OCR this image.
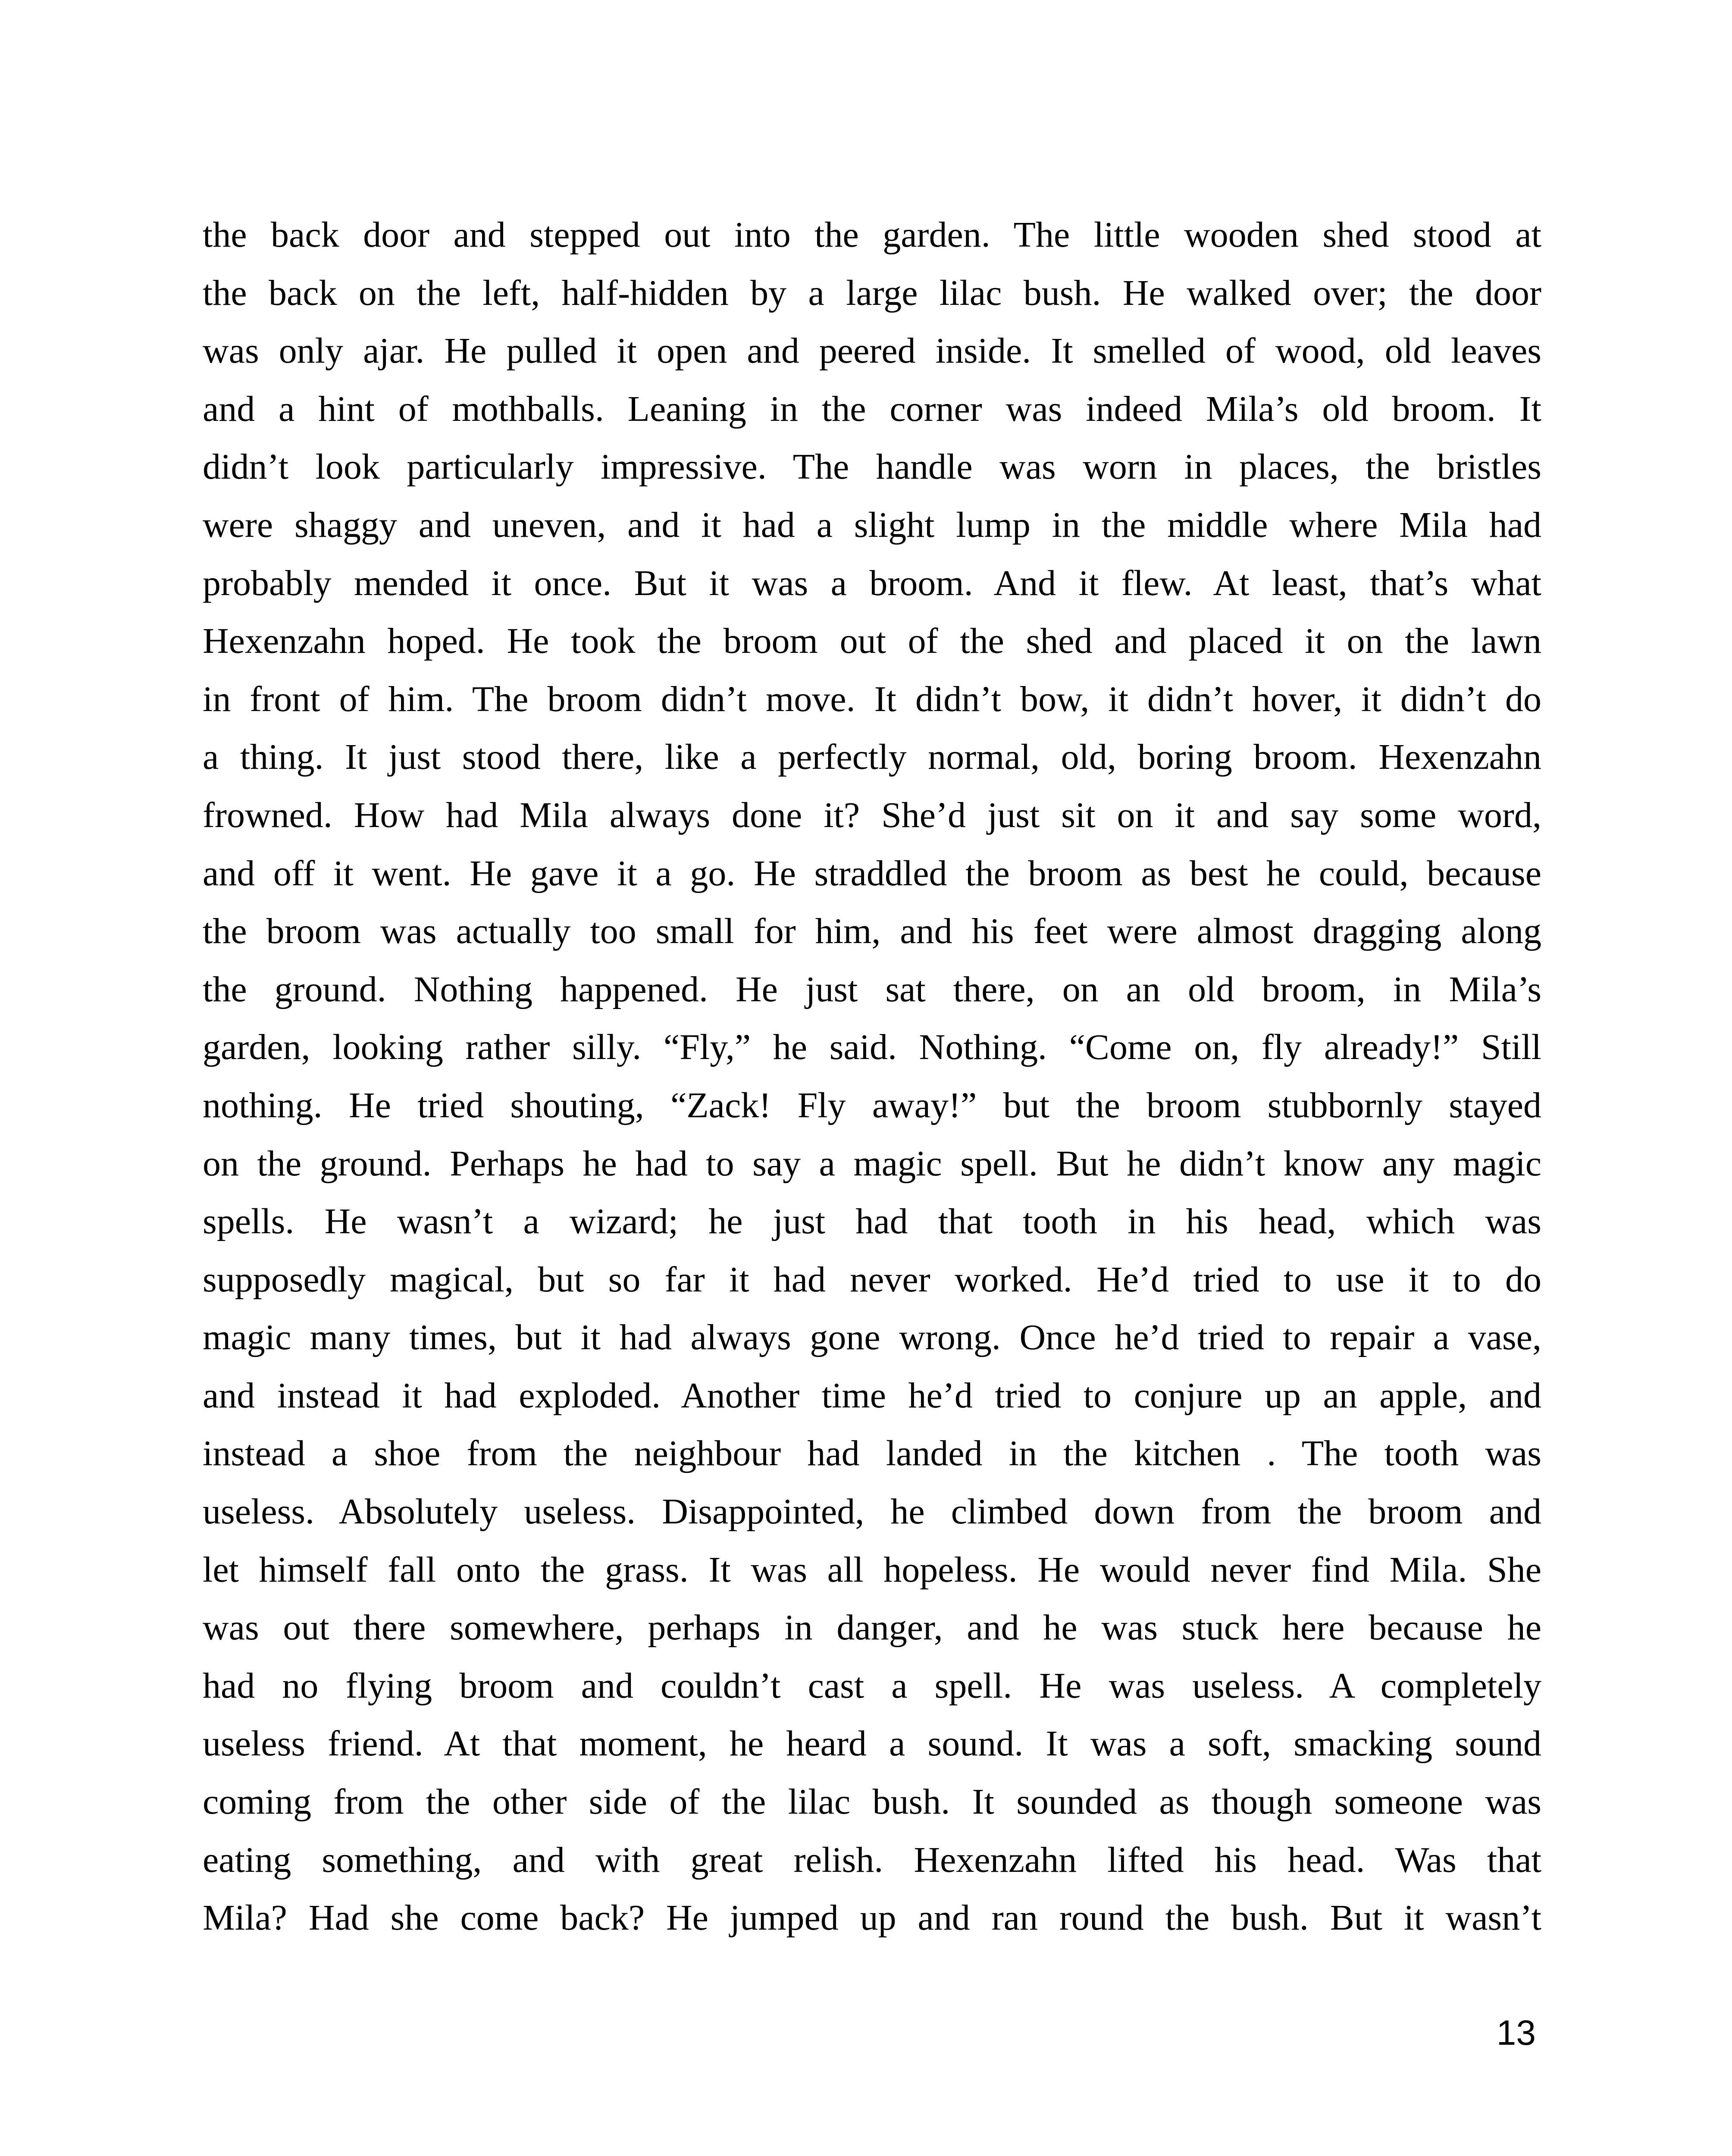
the back door and stepped out into the garden. The little wooden shed stood at
the back on the left, half-hidden by a large lilac bush. He walked over; the door
was only ajar. He pulled it open and peered inside. It smelled of wood, old leaves
and a hint of mothballs. Leaning in the corner was indeed Mila’s old broom. It
didn’t look particularly impressive. The handle was worn in places, the bristles
were shaggy and uneven, and it had a slight lump in the middle where Mila had
probably mended it once. But it was a broom. And it flew. At least, that’s what
Hexenzahn hoped. He took the broom out of the shed and placed it on the lawn
in front of him. The broom didn’t move. It didn’t bow, it didn’t hover, it didn’t do
a thing. It just stood there, like a perfectly normal, old, boring broom. Hexenzahn
frowned. How had Mila always done it? She’d just sit on it and say some word,
and off it went. He gave it a go. He straddled the broom as best he could, because
the broom was actually too small for him, and his feet were almost dragging along
the ground. Nothing happened. He just sat there, on an old broom, in Mila’s
garden, looking rather silly. “Fly,” he said. Nothing. “Come on, fly already!” Still
nothing. He tried shouting, “Zack! Fly away!” but the broom stubbornly stayed
on the ground. Perhaps he had to say a magic spell. But he didn’t know any magic
spells. He wasn’t a wizard; he just had that tooth in his head, which was
supposedly magical, but so far it had never worked. He’d tried to use it to do
magic many times, but it had always gone wrong. Once he’d tried to repair a vase,
and instead it had exploded. Another time he’d tried to conjure up an apple, and
instead a shoe from the neighbour had landed in the kitchen . The tooth was
useless. Absolutely useless. Disappointed, he climbed down from the broom and
let himself fall onto the grass. It was all hopeless. He would never find Mila. She
was out there somewhere, perhaps in danger, and he was stuck here because he
had no flying broom and couldn’t cast a spell. He was useless. A completely
useless friend. At that moment, he heard a sound. It was a soft, smacking sound
coming from the other side of the lilac bush. It sounded as though someone was
eating something, and with great relish. Hexenzahn lifted his head. Was that
Mila? Had she come back? He jumped up and ran round the bush. But it wasn’t
13
